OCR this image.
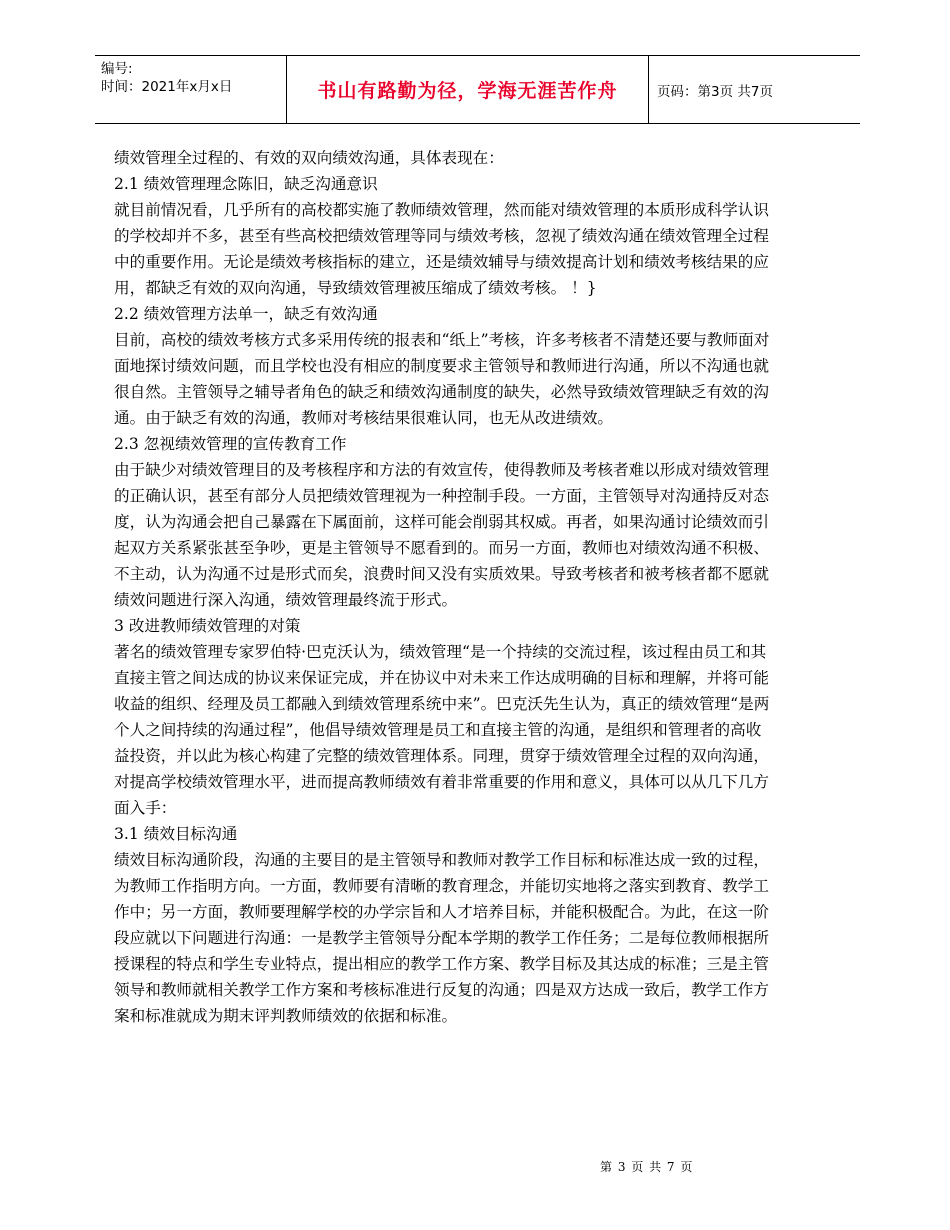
编号:
时间：2021年x月x日	书山有路勤为径，学海无涯苦作舟	页码：第3页 共7页

绩效管理全过程的、有效的双向绩效沟通，具体表现在：

2.1 绩效管理理念陈旧，缺乏沟通意识

就目前情况看，几乎所有的高校都实施了教师绩效管理，然而能对绩效管理的本质形成科学认识的学校却并不多，甚至有些高校把绩效管理等同与绩效考核，忽视了绩效沟通在绩效管理全过程中的重要作用。无论是绩效考核指标的建立，还是绩效辅导与绩效提高计划和绩效考核结果的应用，都缺乏有效的双向沟通，导致绩效管理被压缩成了绩效考核。 ！}

2.2 绩效管理方法单一，缺乏有效沟通

目前，高校的绩效考核方式多采用传统的报表和“纸上”考核，许多考核者不清楚还要与教师面对面地探讨绩效问题，而且学校也没有相应的制度要求主管领导和教师进行沟通，所以不沟通也就很自然。主管领导之辅导者角色的缺乏和绩效沟通制度的缺失，必然导致绩效管理缺乏有效的沟通。由于缺乏有效的沟通，教师对考核结果很难认同，也无从改进绩效。

2.3 忽视绩效管理的宣传教育工作

由于缺少对绩效管理目的及考核程序和方法的有效宣传，使得教师及考核者难以形成对绩效管理的正确认识，甚至有部分人员把绩效管理视为一种控制手段。一方面，主管领导对沟通持反对态度，认为沟通会把自己暴露在下属面前，这样可能会削弱其权威。再者，如果沟通讨论绩效而引起双方关系紧张甚至争吵，更是主管领导不愿看到的。而另一方面，教师也对绩效沟通不积极、不主动，认为沟通不过是形式而矣，浪费时间又没有实质效果。导致考核者和被考核者都不愿就绩效问题进行深入沟通，绩效管理最终流于形式。

3 改进教师绩效管理的对策

著名的绩效管理专家罗伯特·巴克沃认为，绩效管理“是一个持续的交流过程，该过程由员工和其直接主管之间达成的协议来保证完成，并在协议中对未来工作达成明确的目标和理解，并将可能收益的组织、经理及员工都融入到绩效管理系统中来”。巴克沃先生认为，真正的绩效管理“是两个人之间持续的沟通过程”，他倡导绩效管理是员工和直接主管的沟通，是组织和管理者的高收益投资，并以此为核心构建了完整的绩效管理体系。同理，贯穿于绩效管理全过程的双向沟通，对提高学校绩效管理水平，进而提高教师绩效有着非常重要的作用和意义，具体可以从几下几方面入手：

3.1 绩效目标沟通

绩效目标沟通阶段，沟通的主要目的是主管领导和教师对教学工作目标和标准达成一致的过程，为教师工作指明方向。一方面，教师要有清晰的教育理念，并能切实地将之落实到教育、教学工作中；另一方面，教师要理解学校的办学宗旨和人才培养目标，并能积极配合。为此，在这一阶段应就以下问题进行沟通：一是教学主管领导分配本学期的教学工作任务；二是每位教师根据所授课程的特点和学生专业特点，提出相应的教学工作方案、教学目标及其达成的标准；三是主管领导和教师就相关教学工作方案和考核标准进行反复的沟通；四是双方达成一致后，教学工作方案和标准就成为期末评判教师绩效的依据和标准。

第 3 页 共 7 页
